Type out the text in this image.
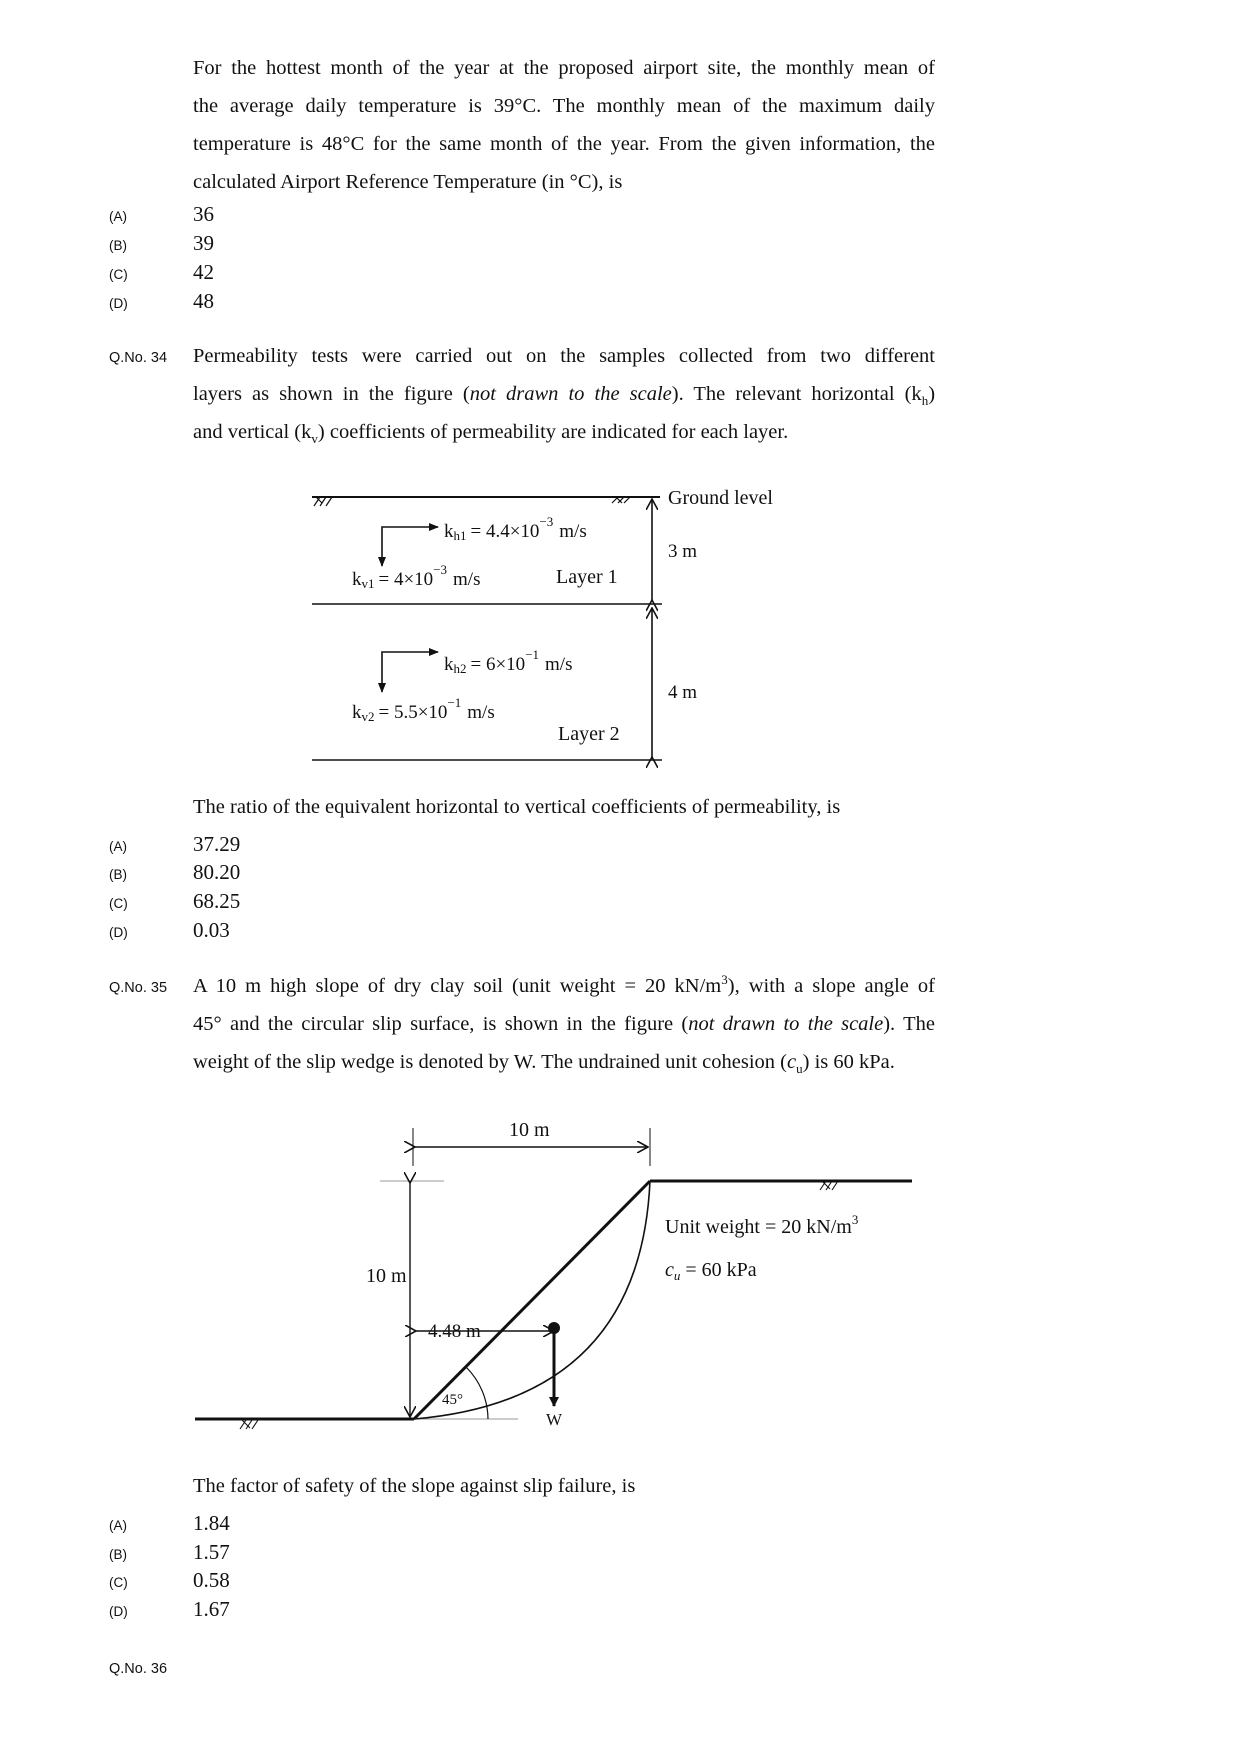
For the hottest month of the year at the proposed airport site, the monthly mean of
the average daily temperature is 39°C. The monthly mean of the maximum daily
temperature is 48°C for the same month of the year. From the given information, the
calculated Airport Reference Temperature (in °C), is
(A)	36
(B)	39
(C)	42
(D)	48
Q.No. 34 Permeability tests were carried out on the samples collected from two different
layers as shown in the figure (not drawn to the scale). The relevant horizontal $(k_h)$
and vertical $(k_v)$ coefficients of permeability are indicated for each layer.
Ground level
$kh1 = 4.4\times 10^{-3}$ m/s
$kv1 = 4\times 10^{-3}$ m/s	Layer 1
3 m
$kh2 = 6\times 10^{-1}$ m/s
$kv2 = 5.5\times 10^{-1}$ m/s
Layer 2
4 m
The ratio of the equivalent horizontal to vertical coefficients of permeability, is
(A)	37.29
(B)	80.20
(C)	68.25
(D)	0.03
Q.No. 35 A 10 m high slope of dry clay soil (unit weight = 20 $kN/m^3$), with a slope angle of
45° and the circular slip surface, is shown in the figure (not drawn to the scale). The
weight of the slip wedge is denoted by W. The undrained unit cohesion $(c_u)$ is 60 kPa.
10 m
10 m
45°
4.48 m
W
Unit weight = 20 $kN/m^3$
$c_u = 60$ kPa
The factor of safety of the slope against slip failure, is
(A)	1.84
(B)	1.57
(C)	0.58
(D)	1.67
Q.No. 36
